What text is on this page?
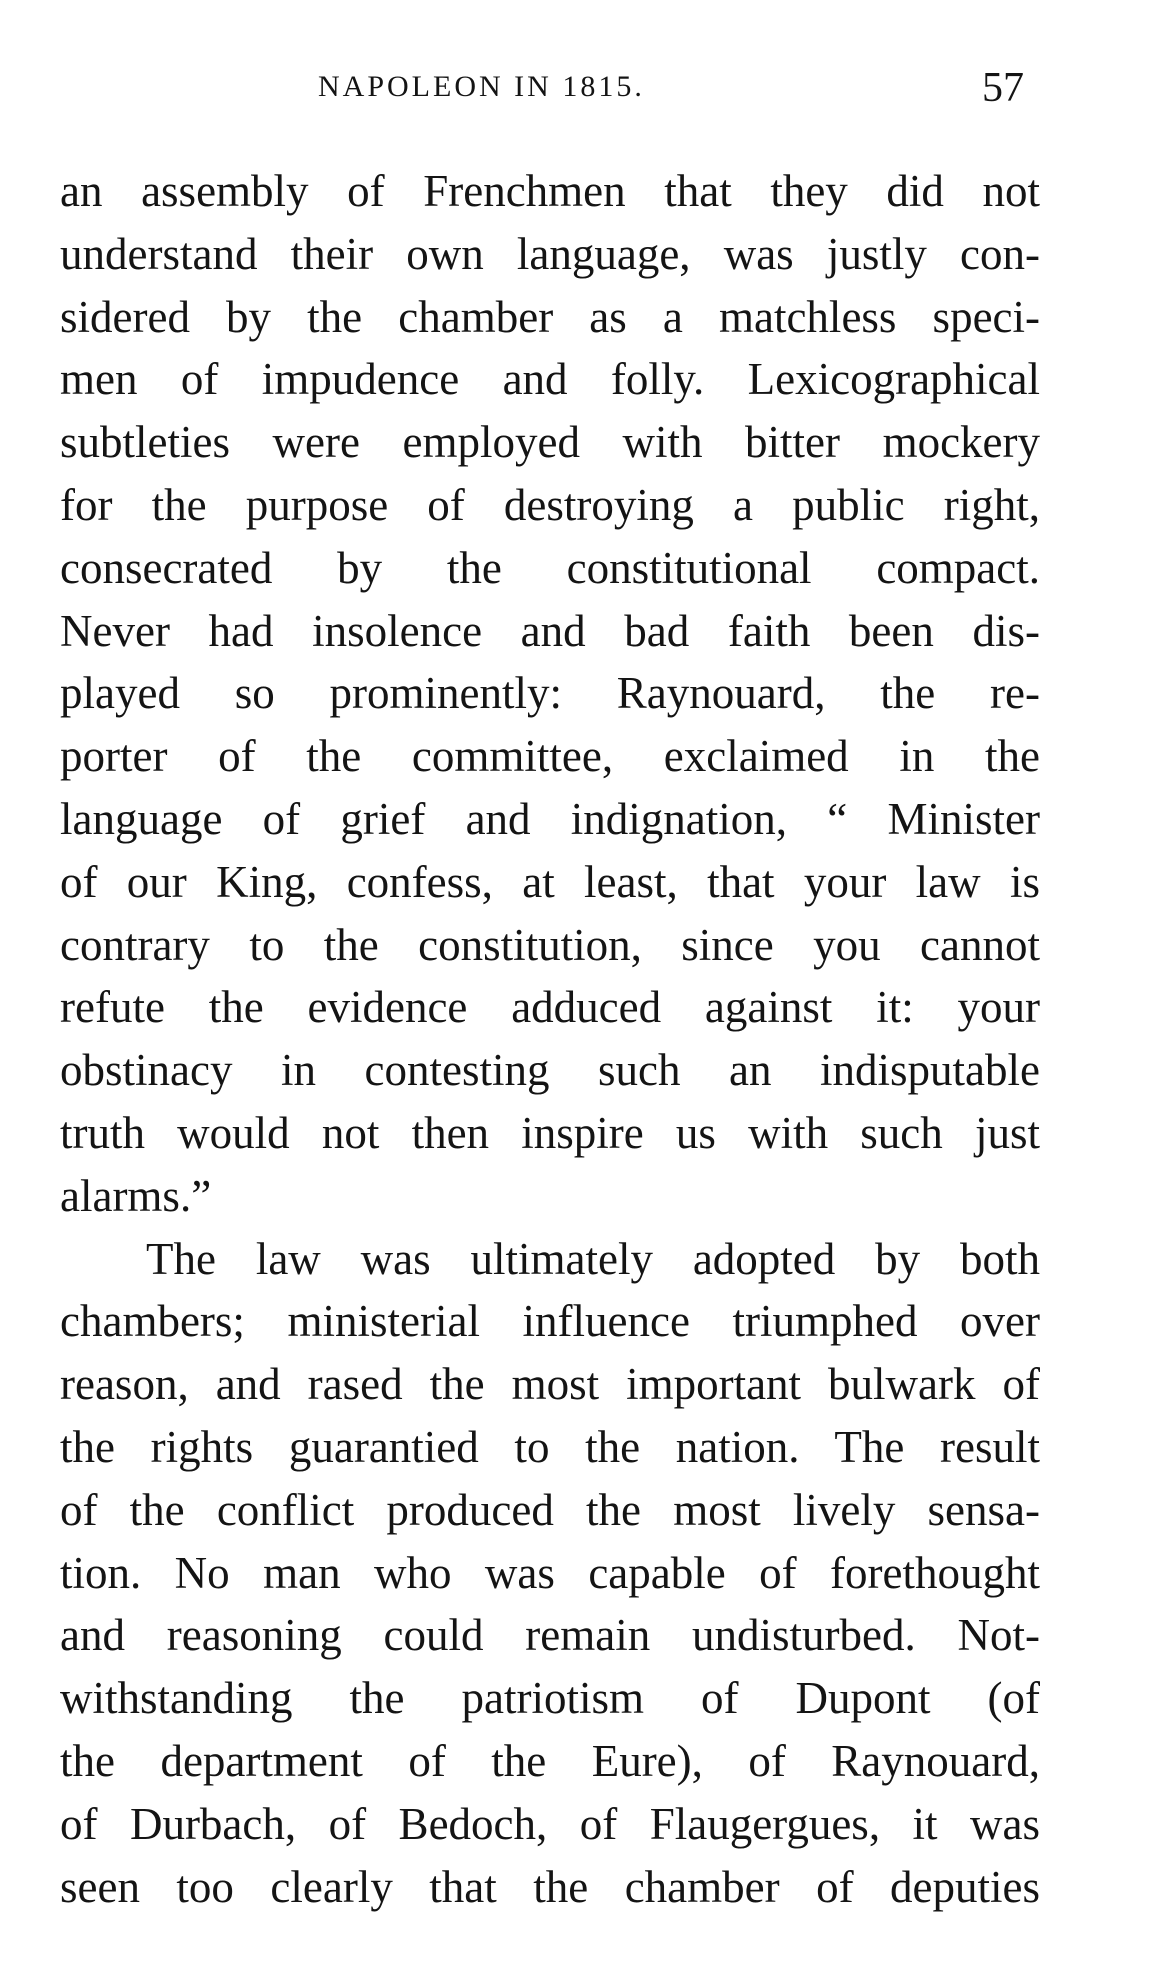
NAPOLEON IN 1815.	57
an assembly of Frenchmen that they did not
understand their own language, was justly con-
sidered by the chamber as a matchless speci-
men of impudence and folly. Lexicographical
subtleties were employed with bitter mockery
for the purpose of destroying a public right,
consecrated by the constitutional compact.
Never had insolence and bad faith been dis-
played so prominently: Raynouard, the re-
porter of the committee, exclaimed in the
language of grief and indignation, “ Minister
of our King, confess, at least, that your law is
contrary to the constitution, since you cannot
refute the evidence adduced against it: your
obstinacy in contesting such an indisputable
truth would not then inspire us with such just
alarms.”
The law was ultimately adopted by both
chambers; ministerial influence triumphed over
reason, and rased the most important bulwark of
the rights guarantied to the nation. The result
of the conflict produced the most lively sensa-
tion. No man who was capable of forethought
and reasoning could remain undisturbed. Not-
withstanding the patriotism of Dupont (of
the department of the Eure), of Raynouard,
of Durbach, of Bedoch, of Flaugergues, it was
seen too clearly that the chamber of deputies
